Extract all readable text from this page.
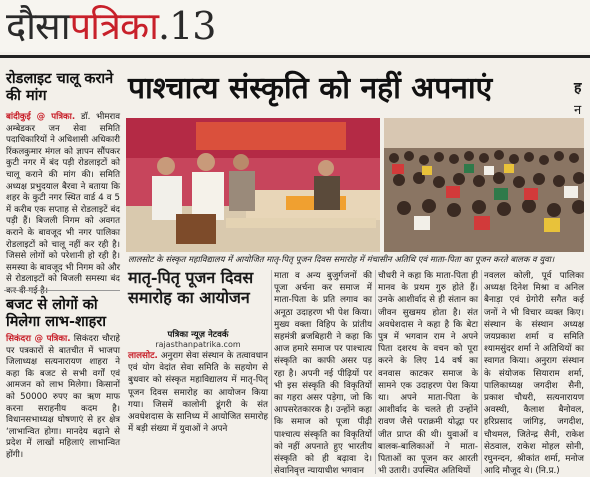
दौसापत्रिका.13
पाश्चात्य संस्कृति को नहीं अपनाएं	ह
न
रोडलाइट चालू कराने की मांग
बांदीकुई @ पत्रिका. डॉ. भीमराव अम्बेडकर जन सेवा समिति पदाधिकारियों ने अधिशासी अधिकारी रिंकलकुमार मंगल को ज्ञापन सौंपकर कुटी नगर में बंद पड़ी रोडलाइटों को चालू कराने की मांग की। समिति अध्यक्ष प्रभुदयाल बैरवा ने बताया कि शहर के कुटी नगर स्थित वार्ड 4 व 5 में करीब एक सप्ताह से रोडलाइटें बंद पड़ी हैं। बिजली निगम को अवगत कराने के बावजूद भी नगर पालिका रोडलाइटों को चालू नहीं कर रही है। जिससे लोगों को परेशानी हो रही है। समस्या के बावजूद भी निगम को और से रोडलाइटों को बिजली समस्या बंद
बजट से लोगों को मिलेगा लाभ-शाहरा
सिकंदरा @ पत्रिका. सिकंदरा चौराहे पर पत्रकारों से बातचीत में भाजपा जिलाध्यक्ष सत्यनारायण शाहरा ने कहा कि बजट से सभी वर्गों एवं आमजन को लाभ मिलेगा। किसानों को 50000 रुपए का ऋण माफ करना सराहनीय कदम है। विधानसभाध्यक्ष घोषणाएं से हर क्षेत्र ‘लाभान्वित होगा। मानदेय बढ़ाने से प्रदेश में लाखों महिलाएं लाभान्वित होंगी।
लालसोट के संस्कृत महाविद्यालय में आयोजित मातृ-पितृ पूजन दिवस समारोह में मंचासीन अतिथि एवं माता-पिता का पूजन करते बालक व युवा।
मातृ-पितृ पूजन दिवस समारोह का आयोजन
पत्रिका न्यूज़ नेटवर्क
rajasthanpatrika.com
लालसोट. अनुराग सेवा संस्थान के तत्वावधान एवं योग वेदांत सेवा समिति के सहयोग से बुधवार को संस्कृत महाविद्यालय में मातृ-पितृ पूजन दिवस समारोह का आयोजन किया गया। जिसमें कालोनी डूंगरी के संत अवधेशदास के सानिध्य में आयोजित समारोह में बड़ी संख्या में युवाओं ने अपने
माता व अन्य बुजुर्गजनों की पूजा अर्चना कर समाज में माता-पिता के प्रति लगाव का अनूठा उदाहरण भी पेश किया। मुख्य वक्ता विहिप के प्रांतीय सहमंत्री ब्रजबिहारी ने कहा कि आज हमारे समाज पर पाश्चात्य संस्कृति का काफी असर पड़ रहा है। अपनी नई पीढ़ियों पर भी इस संस्कृति की विकृतियों का गहरा असर पड़ेगा, जो कि आपसरेतकारक है। उन्होंने कहा कि समाज को पूजा पीढ़ी पाश्चात्य संस्कृति का विकृतियों को नहीं अपनाते हुए भारतीय संस्कृति को ही बढ़ावा दे। सेवानिवृत्त न्यायाधीश भगवान
चौधरी ने कहा कि माता-पिता ही मानव के प्रथम गुरु होते हैं। उनके आशीर्वाद से ही संतान का जीवन सुखमय होता है। संत अवधेशदास ने कहा है कि बेटा पुत्र में भगवान राम ने अपने पिता दशरथ के वचन को पूरा करने के लिए 14 वर्ष का वनवास काटकर समाज के सामने एक उदाहरण पेश किया था। अपने माता-पिता के आशीर्वाद के चलते ही उन्होंने रावण जैसे पराक्रमी योद्धा पर जीत प्राप्त की थी। युवाओं व बालक-बालिकाओं ने माता-पिताओं का पूजन कर आरती भी उतारी। उपस्थित अतिथियों
नवलल कोली, पूर्व पालिका अध्यक्ष दिनेश मिश्रा व अनिल बैनाड़ा एवं ग्रेगोरी सगैत कई जनों ने भी विचार व्यक्त किए। संस्थान के संस्थान अध्यक्ष जयप्रकाश शर्मा व समिति श्यामसुंदर शर्मा ने अतिथियों का स्वागत किया। अनुराग संस्थान के संयोजक सियाराम शर्मा, पालिकाध्यक्ष जगदीश सैनी, प्रकाश चौधरी, सत्यनारायण अवस्थी, कैलाश बैनोवल, हरिप्रसाद जांगिड़, जगदीश, चौथमल, जितेन्द्र सैनी, राकेश सेठवाल, राकेश मोहल सोनी, रघुनन्दन, श्रीकांत शर्मा, मनोज आदि मौजूद थे। (नि.प्र.)
